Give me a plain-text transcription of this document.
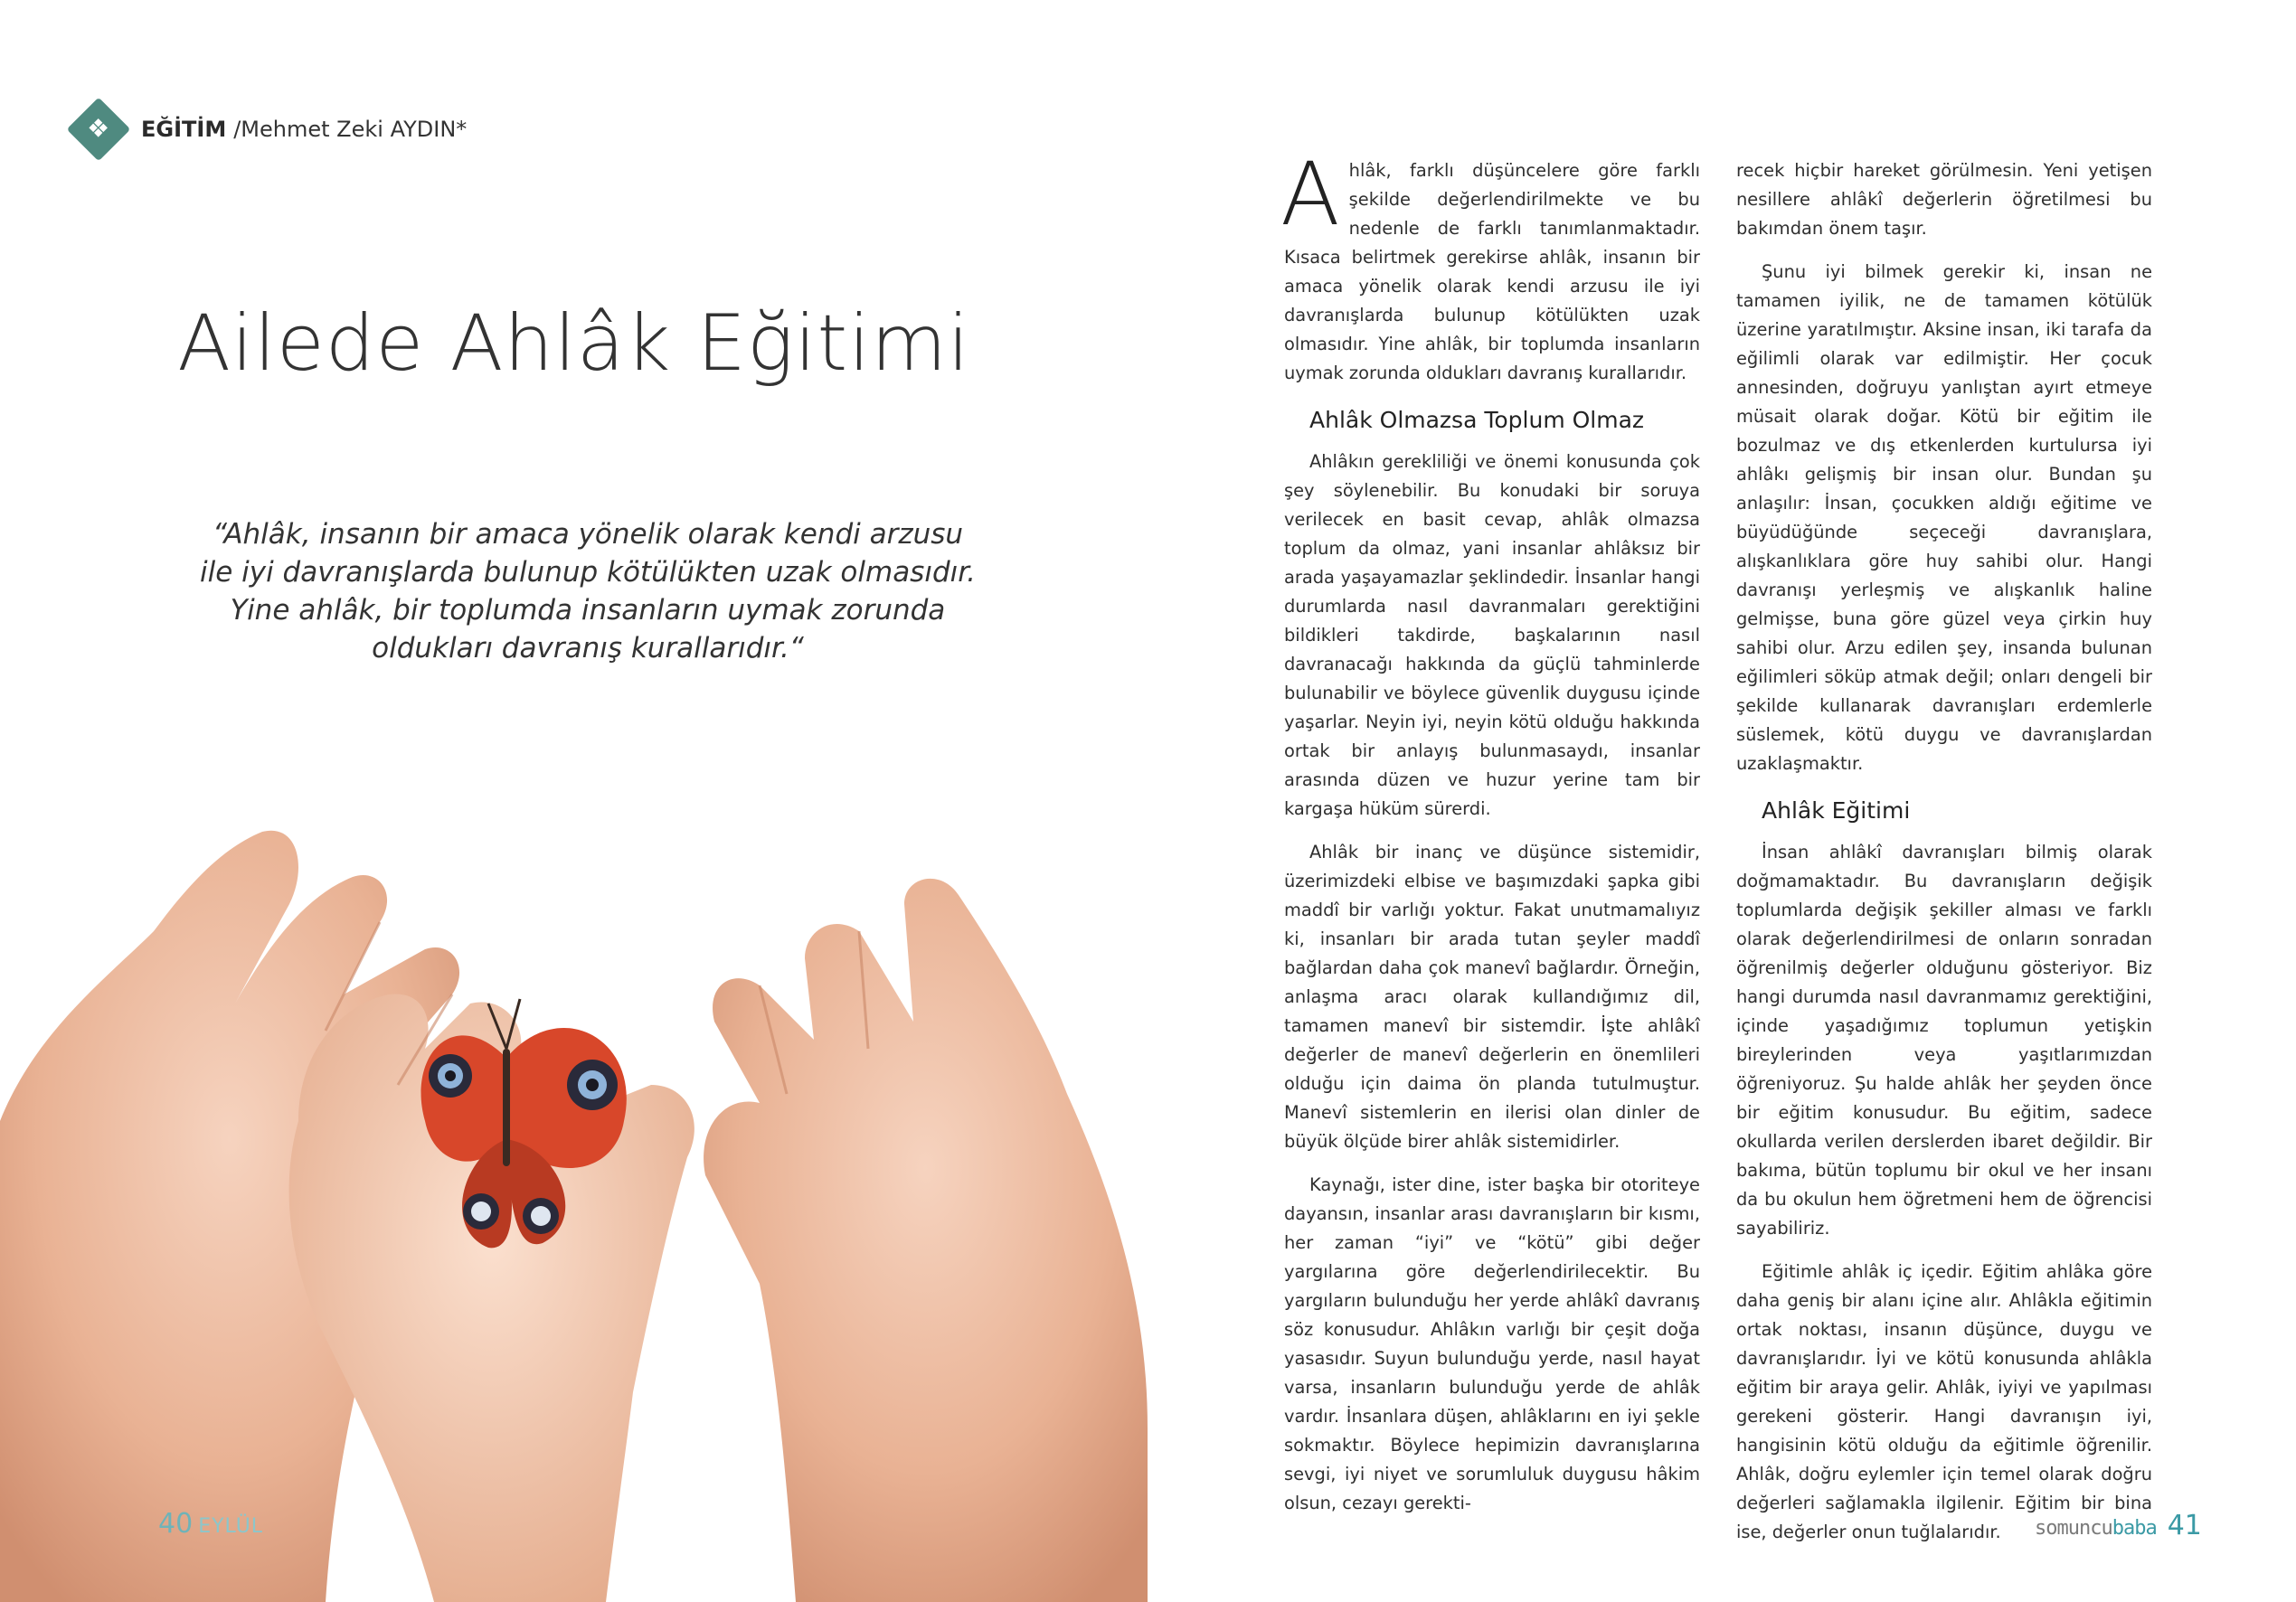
❖ EĞİTİM /Mehmet Zeki AYDIN*
Ailede Ahlâk Eğitimi
“Ahlâk, insanın bir amaca yönelik olarak kendi arzusu ile iyi davranışlarda bulunup kötülükten uzak olmasıdır. Yine ahlâk, bir toplumda insanların uymak zorunda oldukları davranış kurallarıdır.“
40 EYLÜL

Ahlâk, farklı düşüncelere göre farklı şekilde değerlendirilmekte ve bu nedenle de farklı tanımlanmaktadır. Kısaca belirtmek gerekirse ahlâk, insanın bir amaca yönelik olarak kendi arzusu ile iyi davranışlarda bulunup kötülükten uzak olmasıdır. Yine ahlâk, bir toplumda insanların uymak zorunda oldukları davranış kurallarıdır.

Ahlâk Olmazsa Toplum Olmaz

Ahlâkın gerekliliği ve önemi konusunda çok şey söylenebilir. Bu konudaki bir soruya verilecek en basit cevap, ahlâk olmazsa toplum da olmaz, yani insanlar ahlâksız bir arada yaşayamazlar şeklindedir. İnsanlar hangi durumlarda nasıl davranmaları gerektiğini bildikleri takdirde, başkalarının nasıl davranacağı hakkında da güçlü tahminlerde bulunabilir ve böylece güvenlik duygusu içinde yaşarlar. Neyin iyi, neyin kötü olduğu hakkında ortak bir anlayış bulunmasaydı, insanlar arasında düzen ve huzur yerine tam bir kargaşa hüküm sürerdi.

Ahlâk bir inanç ve düşünce sistemidir, üzerimizdeki elbise ve başımızdaki şapka gibi maddî bir varlığı yoktur. Fakat unutmamalıyız ki, insanları bir arada tutan şeyler maddî bağlardan daha çok manevî bağlardır. Örneğin, anlaşma aracı olarak kullandığımız dil, tamamen manevî bir sistemdir. İşte ahlâkî değerler de manevî değerlerin en önemlileri olduğu için daima ön planda tutulmuştur. Manevî sistemlerin en ilerisi olan dinler de büyük ölçüde birer ahlâk sistemidirler.

Kaynağı, ister dine, ister başka bir otoriteye dayansın, insanlar arası davranışların bir kısmı, her zaman “iyi” ve “kötü” gibi değer yargılarına göre değerlendirilecektir. Bu yargıların bulunduğu her yerde ahlâkî davranış söz konusudur. Ahlâkın varlığı bir çeşit doğa yasasıdır. Suyun bulunduğu yerde, nasıl hayat varsa, insanların bulunduğu yerde de ahlâk vardır. İnsanlara düşen, ahlâklarını en iyi şekle sokmaktır. Böylece hepimizin davranışlarına sevgi, iyi niyet ve sorumluluk duygusu hâkim olsun, cezayı gerekti-

recek hiçbir hareket görülmesin. Yeni yetişen nesillere ahlâkî değerlerin öğretilmesi bu bakımdan önem taşır.

Şunu iyi bilmek gerekir ki, insan ne tamamen iyilik, ne de tamamen kötülük üzerine yaratılmıştır. Aksine insan, iki tarafa da eğilimli olarak var edilmiştir. Her çocuk annesinden, doğruyu yanlıştan ayırt etmeye müsait olarak doğar. Kötü bir eğitim ile bozulmaz ve dış etkenlerden kurtulursa iyi ahlâkı gelişmiş bir insan olur. Bundan şu anlaşılır: İnsan, çocukken aldığı eğitime ve büyüdüğünde seçeceği davranışlara, alışkanlıklara göre huy sahibi olur. Hangi davranışı yerleşmiş ve alışkanlık haline gelmişse, buna göre güzel veya çirkin huy sahibi olur. Arzu edilen şey, insanda bulunan eğilimleri söküp atmak değil; onları dengeli bir şekilde kullanarak davranışları erdemlerle süslemek, kötü duygu ve davranışlardan uzaklaşmaktır.

Ahlâk Eğitimi

İnsan ahlâkî davranışları bilmiş olarak doğmamaktadır. Bu davranışların değişik toplumlarda değişik şekiller alması ve farklı olarak değerlendirilmesi de onların sonradan öğrenilmiş değerler olduğunu gösteriyor. Biz hangi durumda nasıl davranmamız gerektiğini, içinde yaşadığımız toplumun yetişkin bireylerinden veya yaşıtlarımızdan öğreniyoruz. Şu halde ahlâk her şeyden önce bir eğitim konusudur. Bu eğitim, sadece okullarda verilen derslerden ibaret değildir. Bir bakıma, bütün toplumu bir okul ve her insanı da bu okulun hem öğretmeni hem de öğrencisi sayabiliriz.

Eğitimle ahlâk iç içedir. Eğitim ahlâka göre daha geniş bir alanı içine alır. Ahlâkla eğitimin ortak noktası, insanın düşünce, duygu ve davranışlarıdır. İyi ve kötü konusunda ahlâkla eğitim bir araya gelir. Ahlâk, iyiyi ve yapılması gerekeni gösterir. Hangi davranışın iyi, hangisinin kötü olduğu da eğitimle öğrenilir. Ahlâk, doğru eylemler için temel olarak doğru değerleri sağlamakla ilgilenir. Eğitim bir bina ise, değerler onun tuğlalarıdır.	somuncu baba 41
